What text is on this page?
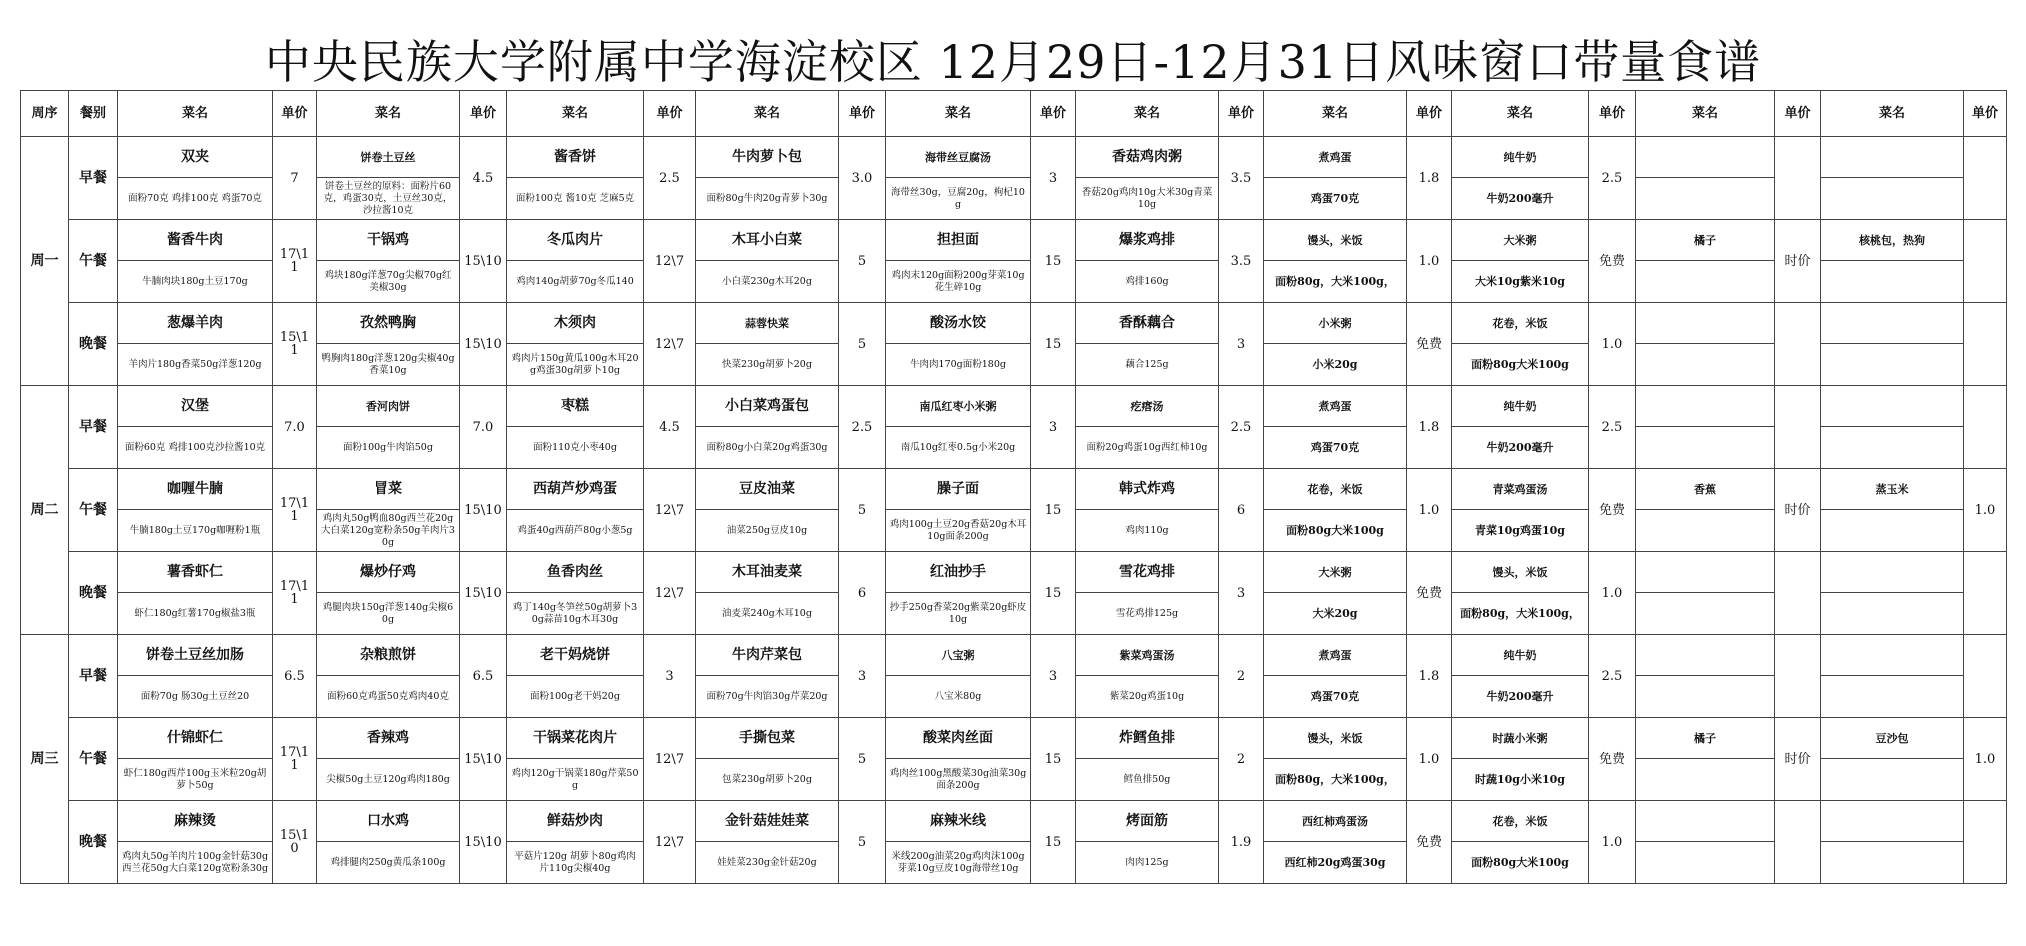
中央民族大学附属中学海淀校区 12月29日-12月31日风味窗口带量食谱
周序	餐别	菜名	单价	菜名	单价	菜名	单价	菜名	单价	菜名	单价	菜名	单价	菜名	单价	菜名	单价	菜名	单价	菜名	单价
周一	早餐	双夹	7	饼卷土豆丝	4.5	酱香饼	2.5	牛肉萝卜包	3.0	海带丝豆腐汤	3	香菇鸡肉粥	3.5	煮鸡蛋	1.8	纯牛奶	2.5				
		面粉70克 鸡排100克 鸡蛋70克		饼卷土豆丝的原料：面粉片60克，鸡蛋30克，土豆丝30克，沙拉酱10克		面粉100克 酱10克 芝麻5克		面粉80g牛肉20g青萝卜30g		海带丝30g，豆腐20g，枸杞10g		香菇20g鸡肉10g大米30g青菜10g		鸡蛋70克		牛奶200毫升					
	午餐	酱香牛肉	17\11	干锅鸡	15\10	冬瓜肉片	12\7	木耳小白菜	5	担担面	15	爆浆鸡排	3.5	馒头，米饭	1.0	大米粥	免费	橘子	时价	核桃包，热狗	
		牛腩肉块180g土豆170g		鸡块180g洋葱70g尖椒70g红美椒30g		鸡肉140g胡萝70g冬瓜140		小白菜230g木耳20g		鸡肉末120g面粉200g芽菜10g花生碎10g		鸡排160g		面粉80g，大米100g，		大米10g紫米10g					
	晚餐	葱爆羊肉	15\11	孜然鸭胸	15\10	木须肉	12\7	蒜蓉快菜	5	酸汤水饺	15	香酥藕合	3	小米粥	免费	花卷，米饭	1.0				
		羊肉片180g香菜50g洋葱120g		鸭胸肉180g洋葱120g尖椒40g香菜10g		鸡肉片150g黄瓜100g木耳20g鸡蛋30g胡萝卜10g		快菜230g胡萝卜20g		牛肉肉170g面粉180g		藕合125g		小米20g		面粉80g大米100g					
周二	早餐	汉堡	7.0	香河肉饼	7.0	枣糕	4.5	小白菜鸡蛋包	2.5	南瓜红枣小米粥	3	疙瘩汤	2.5	煮鸡蛋	1.8	纯牛奶	2.5				
		面粉60克 鸡排100克沙拉酱10克		面粉100g牛肉馅50g		面粉110克小枣40g		面粉80g小白菜20g鸡蛋30g		南瓜10g红枣0.5g小米20g		面粉20g鸡蛋10g西红柿10g		鸡蛋70克		牛奶200毫升					
	午餐	咖喱牛腩	17\11	冒菜	15\10	西葫芦炒鸡蛋	12\7	豆皮油菜	5	臊子面	15	韩式炸鸡	6	花卷，米饭	1.0	青菜鸡蛋汤	免费	香蕉	时价	蒸玉米	1.0
		牛腩180g土豆170g咖喱粉1瓶		鸡肉丸50g鸭血80g西兰花20g大白菜120g宽粉条50g羊肉片30g		鸡蛋40g西葫芦80g小葱5g		油菜250g豆皮10g		鸡肉100g土豆20g香菇20g木耳10g面条200g		鸡肉110g		面粉80g大米100g		青菜10g鸡蛋10g					
	晚餐	薯香虾仁	17\11	爆炒仔鸡	15\10	鱼香肉丝	12\7	木耳油麦菜	6	红油抄手	15	雪花鸡排	3	大米粥	免费	馒头，米饭	1.0				
		虾仁180g红薯170g椒盐3瓶		鸡腿肉块150g洋葱140g尖椒60g		鸡丁140g冬笋丝50g胡萝卜30g蒜苗10g木耳30g		油麦菜240g木耳10g		抄手250g香菜20g紫菜20g虾皮10g		雪花鸡排125g		大米20g		面粉80g，大米100g，					
周三	早餐	饼卷土豆丝加肠	6.5	杂粮煎饼	6.5	老干妈烧饼	3	牛肉芹菜包	3	八宝粥	3	紫菜鸡蛋汤	2	煮鸡蛋	1.8	纯牛奶	2.5				
		面粉70g 肠30g土豆丝20		面粉60克鸡蛋50克鸡肉40克		面粉100g老干妈20g		面粉70g牛肉馅30g芹菜20g		八宝米80g		紫菜20g鸡蛋10g		鸡蛋70克		牛奶200毫升					
	午餐	什锦虾仁	17\11	香辣鸡	15\10	干锅菜花肉片	12\7	手撕包菜	5	酸菜肉丝面	15	炸鳕鱼排	2	馒头，米饭	1.0	时蔬小米粥	免费	橘子	时价	豆沙包	1.0
		虾仁180g西芹100g玉米粒20g胡萝卜50g		尖椒50g土豆120g鸡肉180g		鸡肉120g干锅菜180g芹菜50g		包菜230g胡萝卜20g		鸡肉丝100g黑酸菜30g油菜30g面条200g		鳕鱼排50g		面粉80g，大米100g，		时蔬10g小米10g					
	晚餐	麻辣烫	15\10	口水鸡	15\10	鲜菇炒肉	12\7	金针菇娃娃菜	5	麻辣米线	15	烤面筋	1.9	西红柿鸡蛋汤	免费	花卷，米饭	1.0				
		鸡肉丸50g羊肉片100g金针菇30g西兰花50g大白菜120g宽粉条30g		鸡排腿肉250g黄瓜条100g		平菇片120g 胡萝卜80g鸡肉片110g尖椒40g		娃娃菜230g金针菇20g		米线200g油菜20g鸡肉沫100g芽菜10g豆皮10g海带丝10g		肉肉125g		西红柿20g鸡蛋30g		面粉80g大米100g					
